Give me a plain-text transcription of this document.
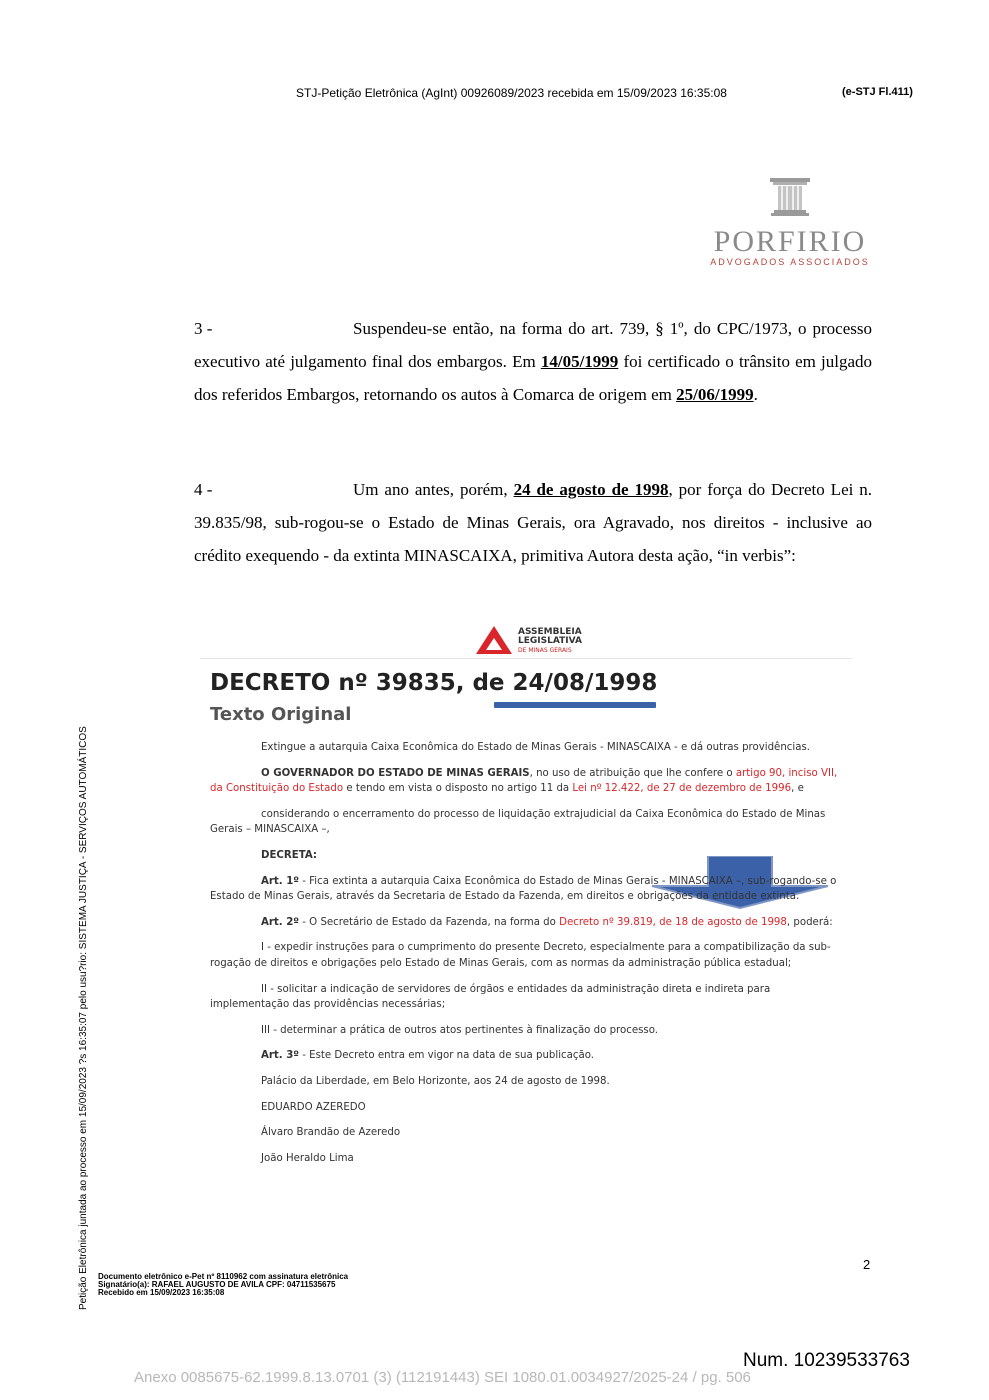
STJ-Petição Eletrônica (AgInt) 00926089/2023 recebida em 15/09/2023 16:35:08	(e-STJ Fl.411)
PORFIRIO
ADVOGADOS ASSOCIADOS
3 -	Suspendeu-se então, na forma do art. 739, § 1º, do CPC/1973, o processo executivo até julgamento final dos embargos. Em 14/05/1999 foi certificado o trânsito em julgado dos referidos Embargos, retornando os autos à Comarca de origem em 25/06/1999.
4 -	Um ano antes, porém, 24 de agosto de 1998, por força do Decreto Lei n. 39.835/98, sub-rogou-se o Estado de Minas Gerais, ora Agravado, nos direitos - inclusive ao crédito exequendo - da extinta MINASCAIXA, primitiva Autora desta ação, “in verbis”:
ASSEMBLEIA
LEGISLATIVA
DE MINAS GERAIS
DECRETO nº 39835, de 24/08/1998
Texto Original

Extingue a autarquia Caixa Econômica do Estado de Minas Gerais - MINASCAIXA - e dá outras providências.

O GOVERNADOR DO ESTADO DE MINAS GERAIS, no uso de atribuição que lhe confere o artigo 90, inciso VII, da Constituição do Estado e tendo em vista o disposto no artigo 11 da Lei nº 12.422, de 27 de dezembro de 1996, e

considerando o encerramento do processo de liquidação extrajudicial da Caixa Econômica do Estado de Minas Gerais – MINASCAIXA –,

DECRETA:

Art. 1º - Fica extinta a autarquia Caixa Econômica do Estado de Minas Gerais - MINASCAIXA –, sub-rogando-se o Estado de Minas Gerais, através da Secretaria de Estado da Fazenda, em direitos e obrigações da entidade extinta.

Art. 2º - O Secretário de Estado da Fazenda, na forma do Decreto nº 39.819, de 18 de agosto de 1998, poderá:

I - expedir instruções para o cumprimento do presente Decreto, especialmente para a compatibilização da sub-rogação de direitos e obrigações pelo Estado de Minas Gerais, com as normas da administração pública estadual;

II - solicitar a indicação de servidores de órgãos e entidades da administração direta e indireta para implementação das providências necessárias;

III - determinar a prática de outros atos pertinentes à finalização do processo.

Art. 3º - Este Decreto entra em vigor na data de sua publicação.

Palácio da Liberdade, em Belo Horizonte, aos 24 de agosto de 1998.

EDUARDO AZEREDO

Álvaro Brandão de Azeredo

João Heraldo Lima

Petição Eletrônica juntada ao processo em 15/09/2023 ?s 16:35:07 pelo usu?rio: SISTEMA JUSTIÇA - SERVIÇOS AUTOMÁTICOS	2
Documento eletrônico e-Pet nº 8110962 com assinatura eletrônica
Signatário(a): RAFAEL AUGUSTO DE AVILA CPF: 04711535675
Recebido em 15/09/2023 16:35:08
Num. 10239533763
Anexo 0085675-62.1999.8.13.0701 (3) (112191443) SEI 1080.01.0034927/2025-24 / pg. 506
